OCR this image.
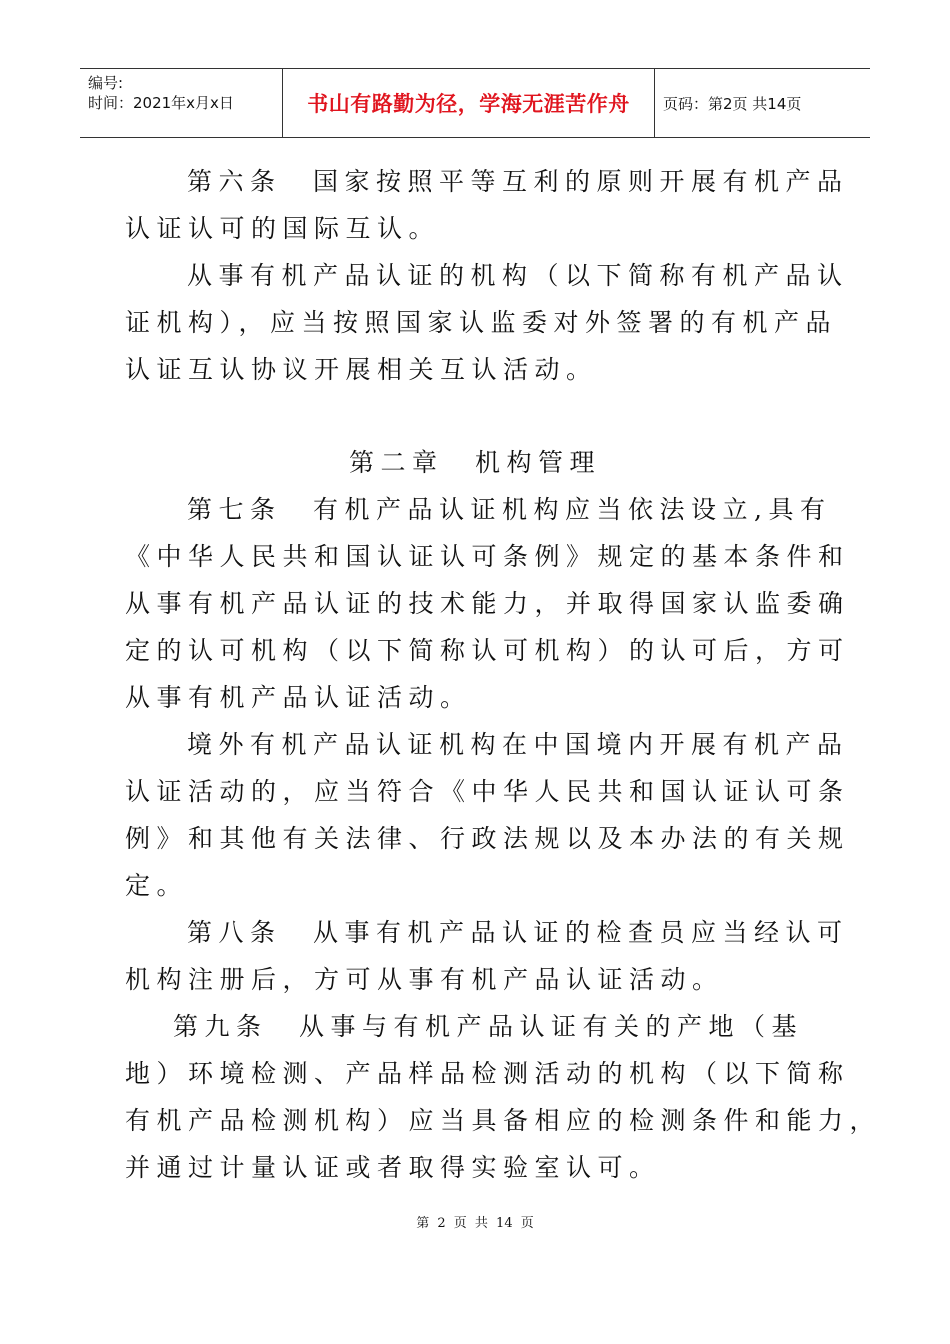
编号:
时间：2021年x月x日	书山有路勤为径，学海无涯苦作舟 页码：第2页 共14页
第六条　国家按照平等互利的原则开展有机产品
认证认可的国际互认。
从事有机产品认证的机构（以下简称有机产品认
证机构），应当按照国家认监委对外签署的有机产品
认证互认协议开展相关互认活动。
第二章　机构管理
第七条　有机产品认证机构应当依法设立,具有
《中华人民共和国认证认可条例》规定的基本条件和
从事有机产品认证的技术能力，并取得国家认监委确
定的认可机构（以下简称认可机构）的认可后，方可
从事有机产品认证活动。
境外有机产品认证机构在中国境内开展有机产品
认证活动的，应当符合《中华人民共和国认证认可条
例》和其他有关法律、行政法规以及本办法的有关规
定。
第八条　从事有机产品认证的检查员应当经认可
机构注册后，方可从事有机产品认证活动。
第九条　从事与有机产品认证有关的产地（基
地）环境检测、产品样品检测活动的机构（以下简称
有机产品检测机构）应当具备相应的检测条件和能力，
并通过计量认证或者取得实验室认可。
第 2 页 共 14 页
